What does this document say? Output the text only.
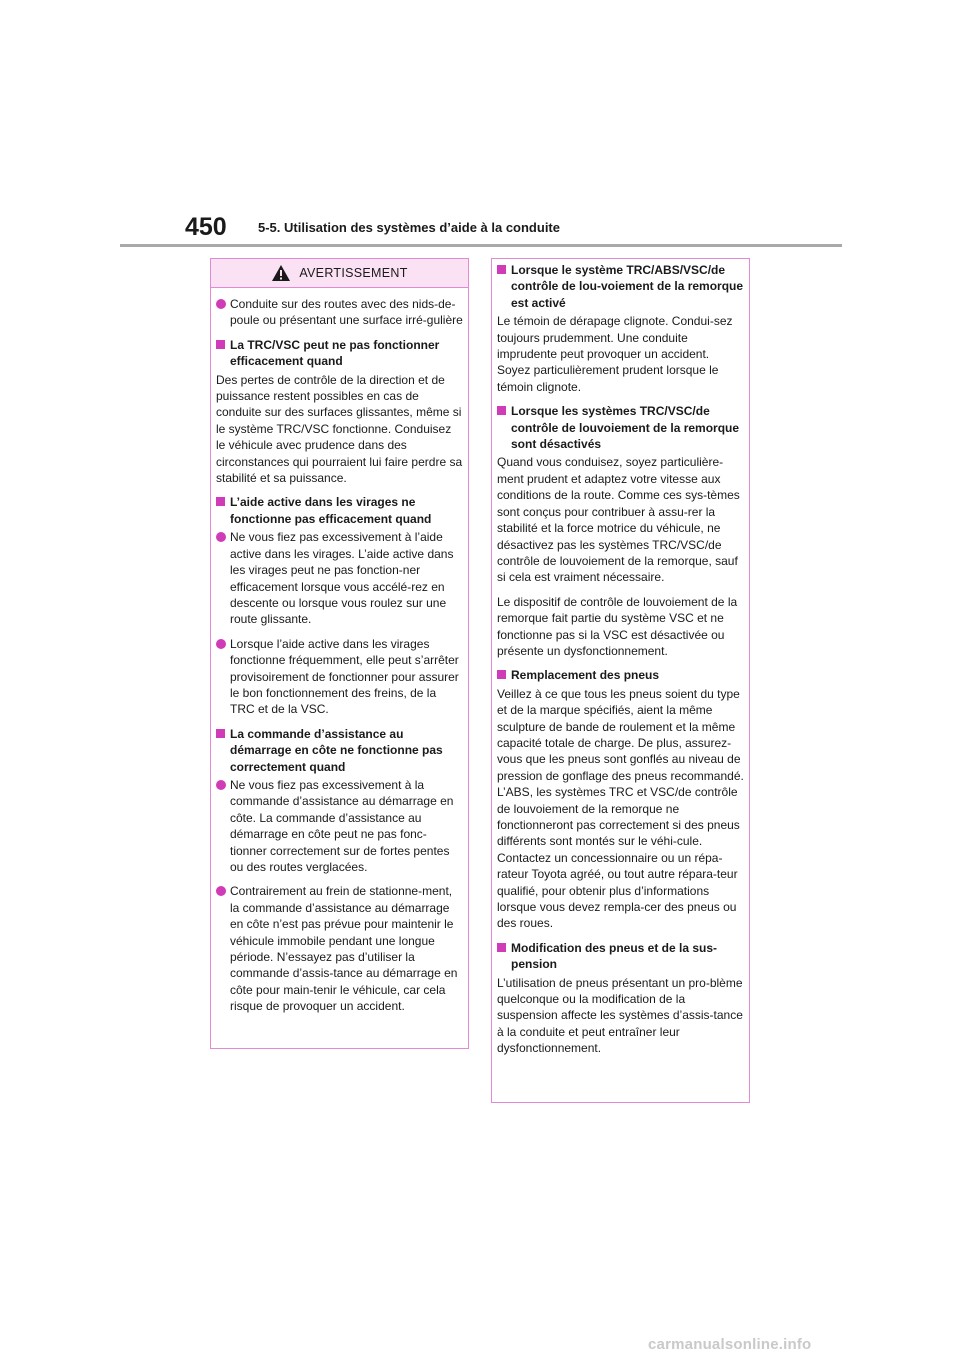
450 5-5. Utilisation des systèmes d’aide à la conduite
AVERTISSEMENT
Conduite sur des routes avec des nids-de-poule ou présentant une surface irré-gulière
La TRC/VSC peut ne pas fonctionner efficacement quand

Des pertes de contrôle de la direction et de puissance restent possibles en cas de conduite sur des surfaces glissantes, même si le système TRC/VSC fonctionne. Conduisez le véhicule avec prudence dans des circonstances qui pourraient lui faire perdre sa stabilité et sa puissance.

L’aide active dans les virages ne fonctionne pas efficacement quand
Ne vous fiez pas excessivement à l’aide active dans les virages. L’aide active dans les virages peut ne pas fonction-ner efficacement lorsque vous accélé-rez en descente ou lorsque vous roulez sur une route glissante.
Lorsque l’aide active dans les virages fonctionne fréquemment, elle peut s’arrêter provisoirement de fonctionner pour assurer le bon fonctionnement des freins, de la TRC et de la VSC.
La commande d’assistance au démarrage en côte ne fonctionne pas correctement quand
Ne vous fiez pas excessivement à la commande d’assistance au démarrage en côte. La commande d’assistance au démarrage en côte peut ne pas fonc-tionner correctement sur de fortes pentes ou des routes verglacées.
Contrairement au frein de stationne-ment, la commande d’assistance au démarrage en côte n’est pas prévue pour maintenir le véhicule immobile pendant une longue période. N’essayez pas d’utiliser la commande d’assis-tance au démarrage en côte pour main-tenir le véhicule, car cela risque de provoquer un accident.
Lorsque le système TRC/ABS/VSC/de contrôle de lou-voiement de la remorque est activé

Le témoin de dérapage clignote. Condui-sez toujours prudemment. Une conduite imprudente peut provoquer un accident. Soyez particulièrement prudent lorsque le témoin clignote.

Lorsque les systèmes TRC/VSC/de contrôle de louvoiement de la remorque sont désactivés

Quand vous conduisez, soyez particulière-ment prudent et adaptez votre vitesse aux conditions de la route. Comme ces sys-tèmes sont conçus pour contribuer à assu-rer la stabilité et la force motrice du véhicule, ne désactivez pas les systèmes TRC/VSC/de contrôle de louvoiement de la remorque, sauf si cela est vraiment nécessaire.

Le dispositif de contrôle de louvoiement de la remorque fait partie du système VSC et ne fonctionne pas si la VSC est désactivée ou présente un dysfonctionnement.

Remplacement des pneus

Veillez à ce que tous les pneus soient du type et de la marque spécifiés, aient la même sculpture de bande de roulement et la même capacité totale de charge. De plus, assurez-vous que les pneus sont gonflés au niveau de pression de gonflage des pneus recommandé.
L’ABS, les systèmes TRC et VSC/de contrôle de louvoiement de la remorque ne fonctionneront pas correctement si des pneus différents sont montés sur le véhi-cule.
Contactez un concessionnaire ou un répa-rateur Toyota agréé, ou tout autre répara-teur qualifié, pour obtenir plus d’informations lorsque vous devez rempla-cer des pneus ou des roues.

Modification des pneus et de la sus-pension

L’utilisation de pneus présentant un pro-blème quelconque ou la modification de la suspension affecte les systèmes d’assis-tance à la conduite et peut entraîner leur dysfonctionnement.

carmanualsonline.info
